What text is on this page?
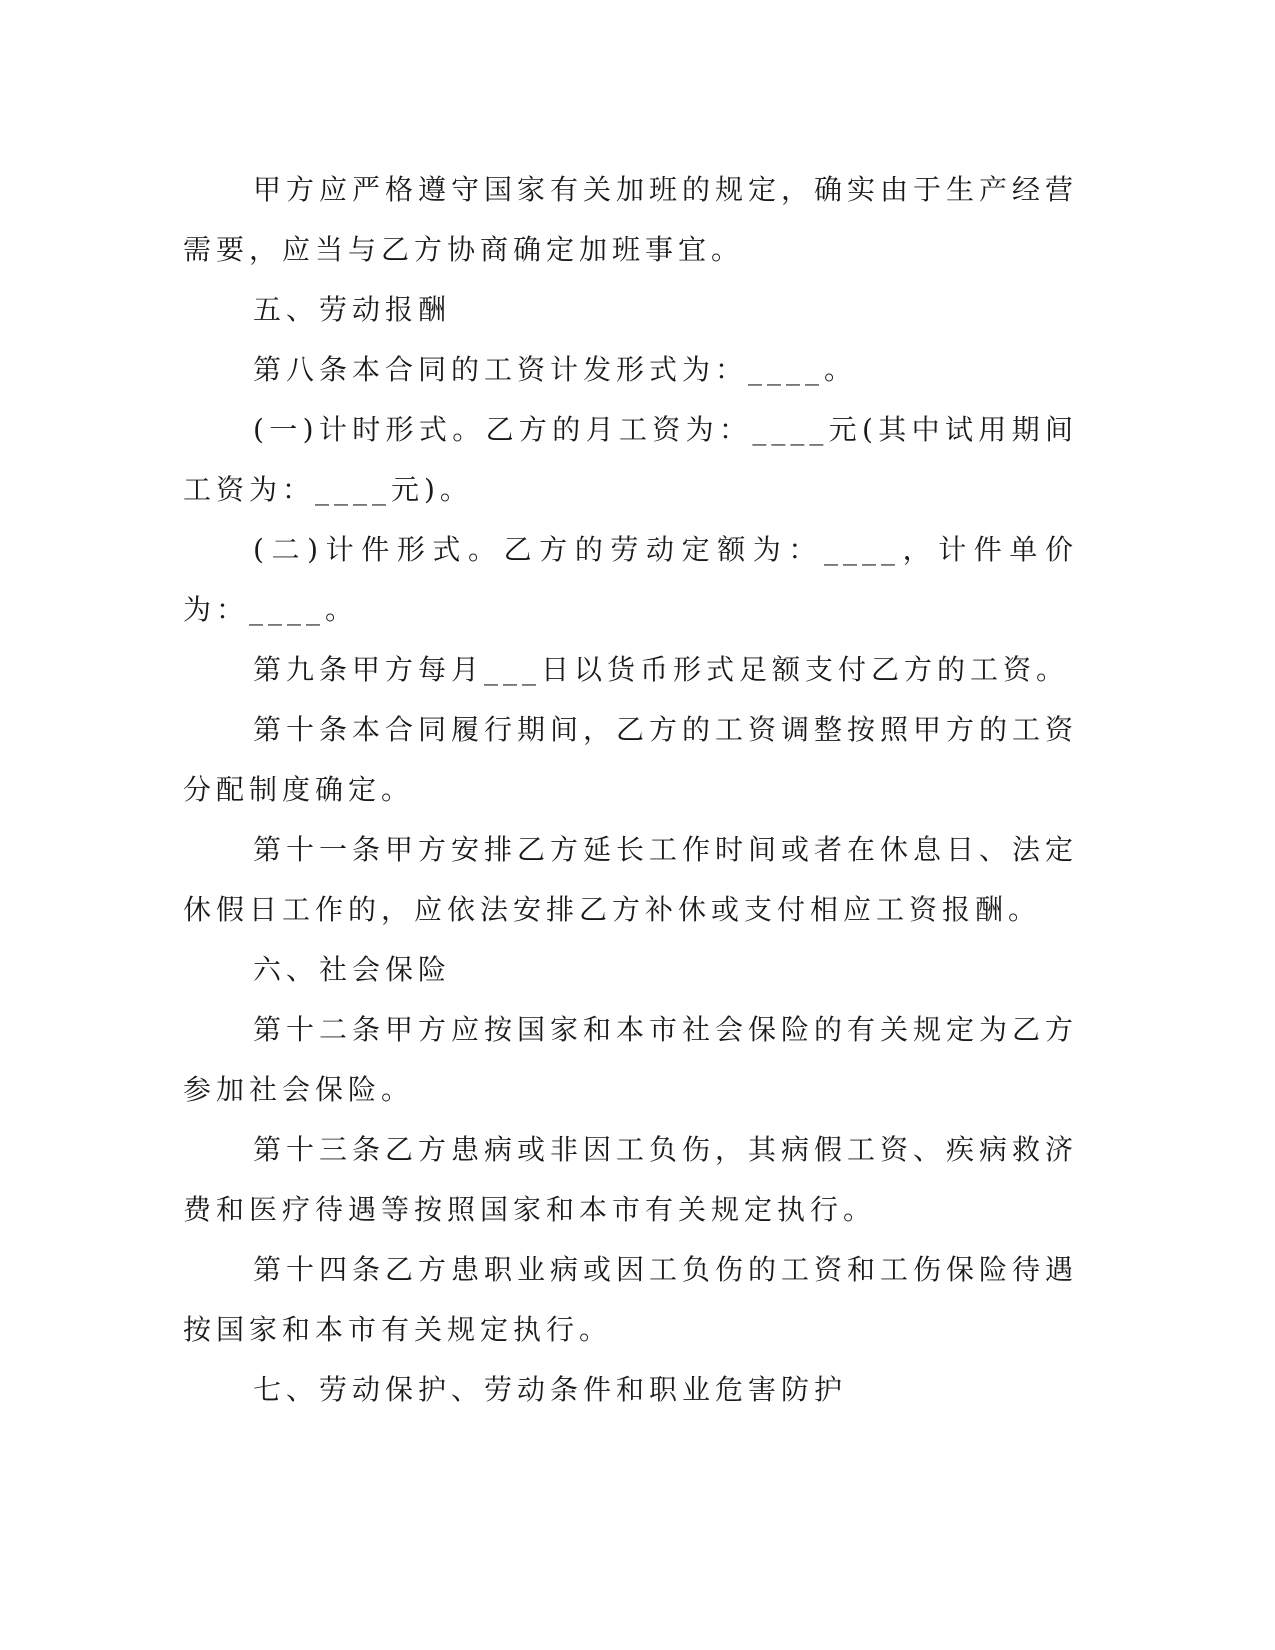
甲方应严格遵守国家有关加班的规定，确实由于生产经营需要，应当与乙方协商确定加班事宜。

五、劳动报酬

第八条本合同的工资计发形式为：____。

(一)计时形式。乙方的月工资为：____元(其中试用期间工资为：____元)。

(二)计件形式。乙方的劳动定额为：____，计件单价为：____。

第九条甲方每月___日以货币形式足额支付乙方的工资。

第十条本合同履行期间，乙方的工资调整按照甲方的工资分配制度确定。

第十一条甲方安排乙方延长工作时间或者在休息日、法定休假日工作的，应依法安排乙方补休或支付相应工资报酬。

六、社会保险

第十二条甲方应按国家和本市社会保险的有关规定为乙方参加社会保险。

第十三条乙方患病或非因工负伤，其病假工资、疾病救济费和医疗待遇等按照国家和本市有关规定执行。

第十四条乙方患职业病或因工负伤的工资和工伤保险待遇按国家和本市有关规定执行。

七、劳动保护、劳动条件和职业危害防护
